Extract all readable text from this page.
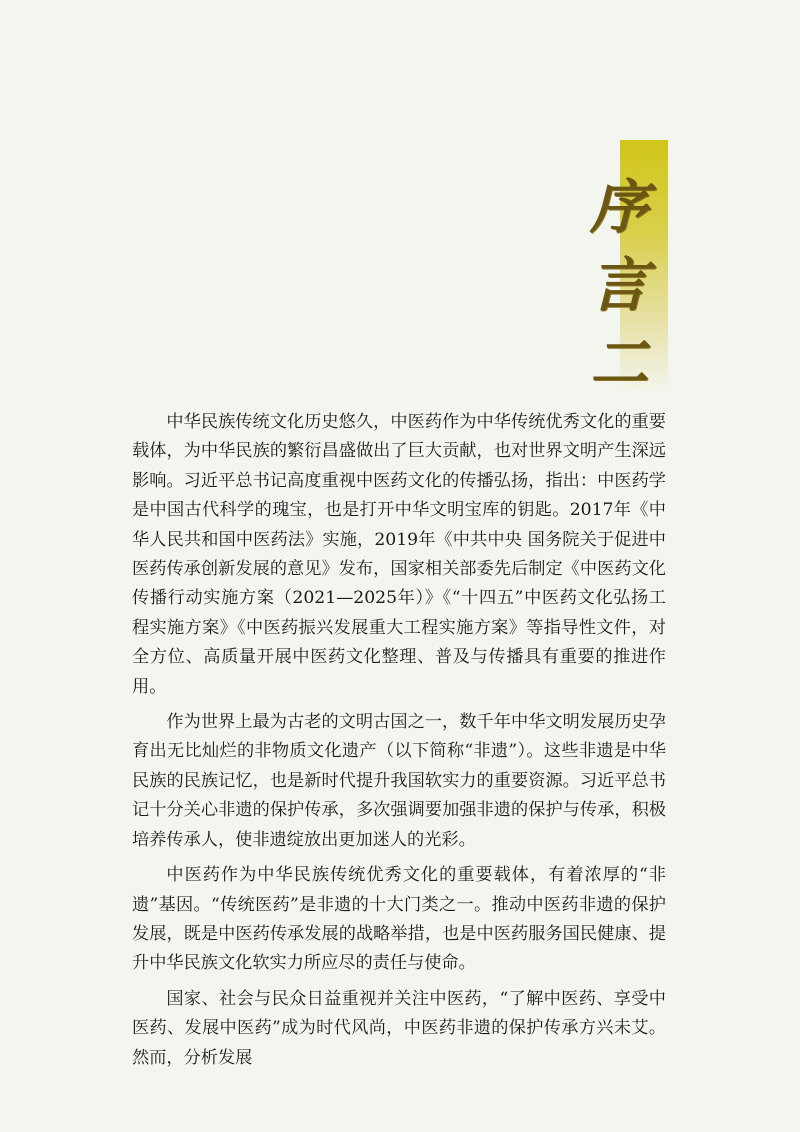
序
言
二

中华民族传统文化历史悠久，中医药作为中华传统优秀文化的重要载体，为中华民族的繁衍昌盛做出了巨大贡献，也对世界文明产生深远影响。习近平总书记高度重视中医药文化的传播弘扬，指出：中医药学是中国古代科学的瑰宝，也是打开中华文明宝库的钥匙。2017年《中华人民共和国中医药法》实施，2019年《中共中央 国务院关于促进中医药传承创新发展的意见》发布，国家相关部委先后制定《中医药文化传播行动实施方案（2021—2025年）》《“十四五”中医药文化弘扬工程实施方案》《中医药振兴发展重大工程实施方案》等指导性文件，对全方位、高质量开展中医药文化整理、普及与传播具有重要的推进作用。

作为世界上最为古老的文明古国之一，数千年中华文明发展历史孕育出无比灿烂的非物质文化遗产（以下简称“非遗”）。这些非遗是中华民族的民族记忆，也是新时代提升我国软实力的重要资源。习近平总书记十分关心非遗的保护传承，多次强调要加强非遗的保护与传承，积极培养传承人，使非遗绽放出更加迷人的光彩。

中医药作为中华民族传统优秀文化的重要载体，有着浓厚的“非遗”基因。“传统医药”是非遗的十大门类之一。推动中医药非遗的保护发展，既是中医药传承发展的战略举措，也是中医药服务国民健康、提升中华民族文化软实力所应尽的责任与使命。

国家、社会与民众日益重视并关注中医药，“了解中医药、享受中医药、发展中医药”成为时代风尚，中医药非遗的保护传承方兴未艾。然而，分析发展
